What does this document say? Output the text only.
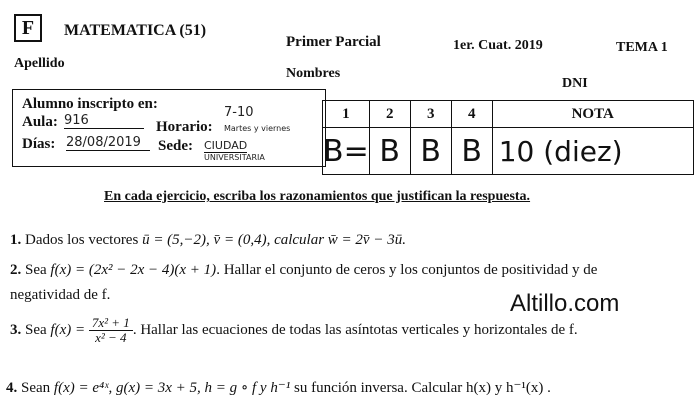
F	MATEMATICA (51)
Primer Parcial	1er. Cuat. 2019	TEMA 1
Apellido
Nombres
DNI
Alumno inscripto en:
7-10
Aula: 916	Horario: Martes y viernes
Días: 28/08/2019	Sede: CIUDAD
UNIVERSITARIA
1	2	3	4	NOTA
B=	B	B	B	10 (diez)
En cada ejercicio, escriba los razonamientos que justifican la respuesta.
1. Dados los vectores ū = (5,−2), v̄ = (0,4), calcular w̄ = 2v̄ − 3ū.
2. Sea f(x) = (2x² − 2x − 4)(x + 1). Hallar el conjunto de ceros y los conjuntos de positividad y de
negatividad de f.	Altillo.com
3. Sea $f(x) = \frac{\text{7x² + 1}}{\text{x² − 4}}$ . Hallar las ecuaciones de todas las asíntotas verticales y horizontales de f.
4. Sean f(x) = e⁴ˣ, g(x) = 3x + 5, h = g ∘ f y h⁻¹ su función inversa. Calcular h(x) y h⁻¹(x) .
